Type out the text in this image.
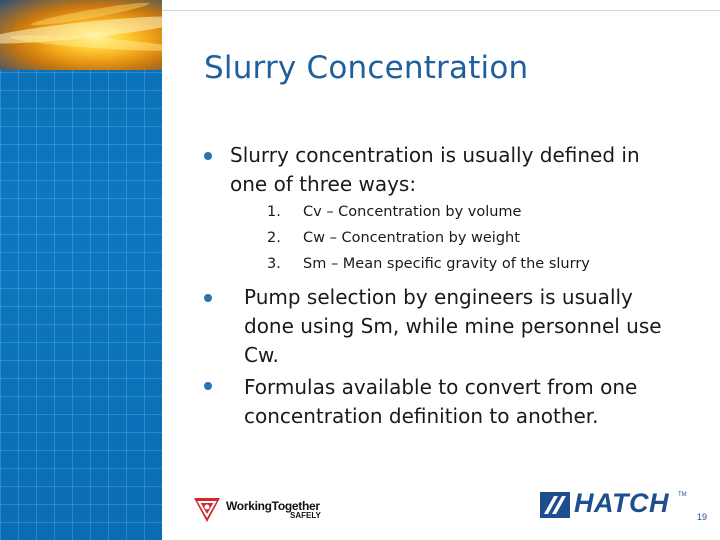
Slurry Concentration
Slurry concentration is usually defined in
one of three ways:
1. Cv – Concentration by volume
2. Cw – Concentration by weight
3. Sm – Mean specific gravity of the slurry
Pump selection by engineers is usually
done using Sm, while mine personnel use
Cw.
Formulas available to convert from one
concentration definition to another.
WorkingTogether
SAFELY	HATCH TM
19
